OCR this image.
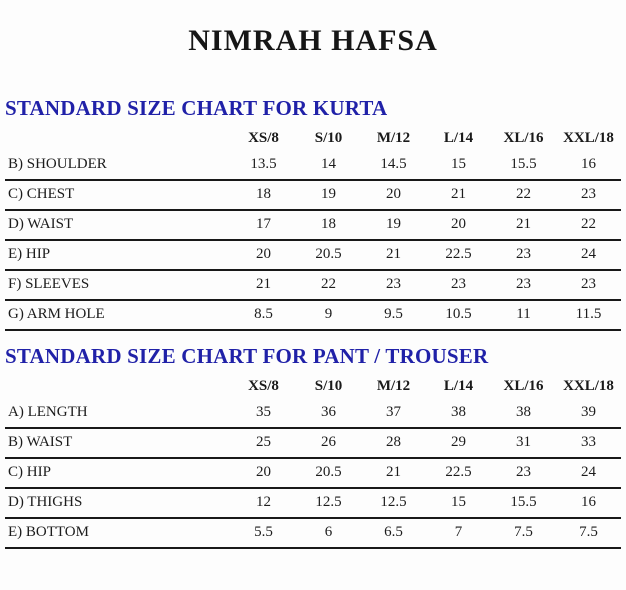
NIMRAH HAFSA
STANDARD SIZE CHART FOR KURTA
	XS/8	S/10	M/12	L/14	XL/16	XXL/18
B) SHOULDER	13.5	14	14.5	15	15.5	16
C) CHEST	18	19	20	21	22	23
D) WAIST	17	18	19	20	21	22
E) HIP	20	20.5	21	22.5	23	24
F) SLEEVES	21	22	23	23	23	23
G) ARM HOLE	8.5	9	9.5	10.5	11	11.5
STANDARD SIZE CHART FOR PANT / TROUSER
	XS/8	S/10	M/12	L/14	XL/16	XXL/18
A) LENGTH	35	36	37	38	38	39
B) WAIST	25	26	28	29	31	33
C) HIP	20	20.5	21	22.5	23	24
D) THIGHS	12	12.5	12.5	15	15.5	16
E) BOTTOM	5.5	6	6.5	7	7.5	7.5
